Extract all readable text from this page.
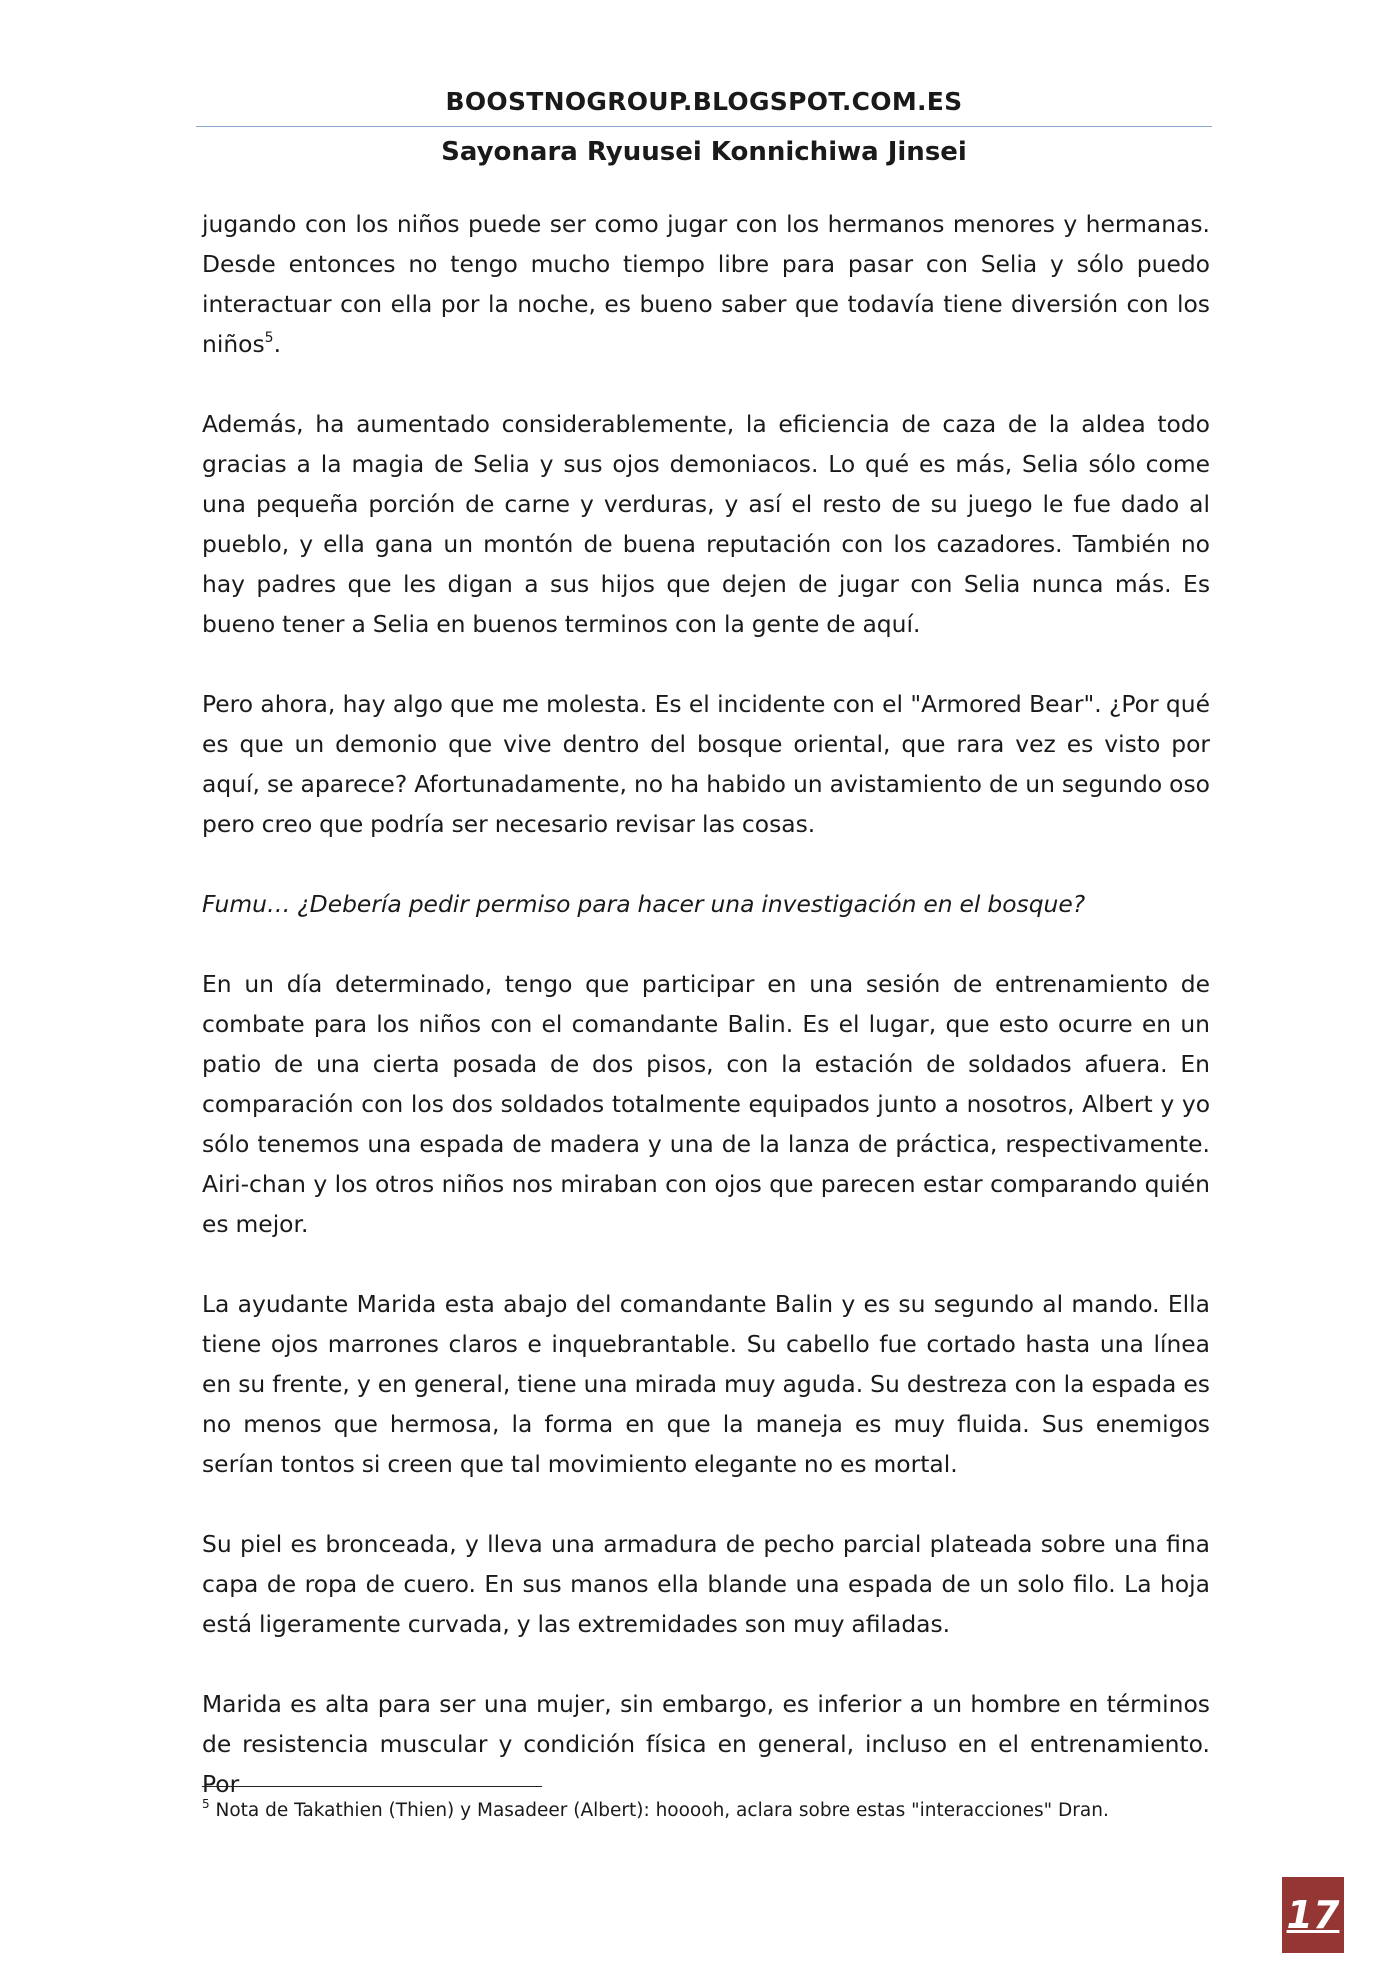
BOOSTNOGROUP.BLOGSPOT.COM.ES
Sayonara Ryuusei Konnichiwa Jinsei

jugando con los niños puede ser como jugar con los hermanos menores y hermanas. Desde entonces no tengo mucho tiempo libre para pasar con Selia y sólo puedo interactuar con ella por la noche, es bueno saber que todavía tiene diversión con los niños$^5$.

Además, ha aumentado considerablemente, la eficiencia de caza de la aldea todo gracias a la magia de Selia y sus ojos demoniacos. Lo qué es más, Selia sólo come una pequeña porción de carne y verduras, y así el resto de su juego le fue dado al pueblo, y ella gana un montón de buena reputación con los cazadores. También no hay padres que les digan a sus hijos que dejen de jugar con Selia nunca más. Es bueno tener a Selia en buenos terminos con la gente de aquí.

Pero ahora, hay algo que me molesta. Es el incidente con el "Armored Bear". ¿Por qué es que un demonio que vive dentro del bosque oriental, que rara vez es visto por aquí, se aparece? Afortunadamente, no ha habido un avistamiento de un segundo oso pero creo que podría ser necesario revisar las cosas.

Fumu… ¿Debería pedir permiso para hacer una investigación en el bosque?

En un día determinado, tengo que participar en una sesión de entrenamiento de combate para los niños con el comandante Balin. Es el lugar, que esto ocurre en un patio de una cierta posada de dos pisos, con la estación de soldados afuera. En comparación con los dos soldados totalmente equipados junto a nosotros, Albert y yo sólo tenemos una espada de madera y una de la lanza de práctica, respectivamente. Airi-chan y los otros niños nos miraban con ojos que parecen estar comparando quién es mejor.

La ayudante Marida esta abajo del comandante Balin y es su segundo al mando. Ella tiene ojos marrones claros e inquebrantable. Su cabello fue cortado hasta una línea en su frente, y en general, tiene una mirada muy aguda. Su destreza con la espada es no menos que hermosa, la forma en que la maneja es muy fluida. Sus enemigos serían tontos si creen que tal movimiento elegante no es mortal.

Su piel es bronceada, y lleva una armadura de pecho parcial plateada sobre una fina capa de ropa de cuero. En sus manos ella blande una espada de un solo filo. La hoja está ligeramente curvada, y las extremidades son muy afiladas.

Marida es alta para ser una mujer, sin embargo, es inferior a un hombre en términos de resistencia muscular y condición física en general, incluso en el entrenamiento. Por

$^5$ Nota de Takathien (Thien) y Masadeer (Albert): hooooh, aclara sobre estas "interacciones" Dran.
17
